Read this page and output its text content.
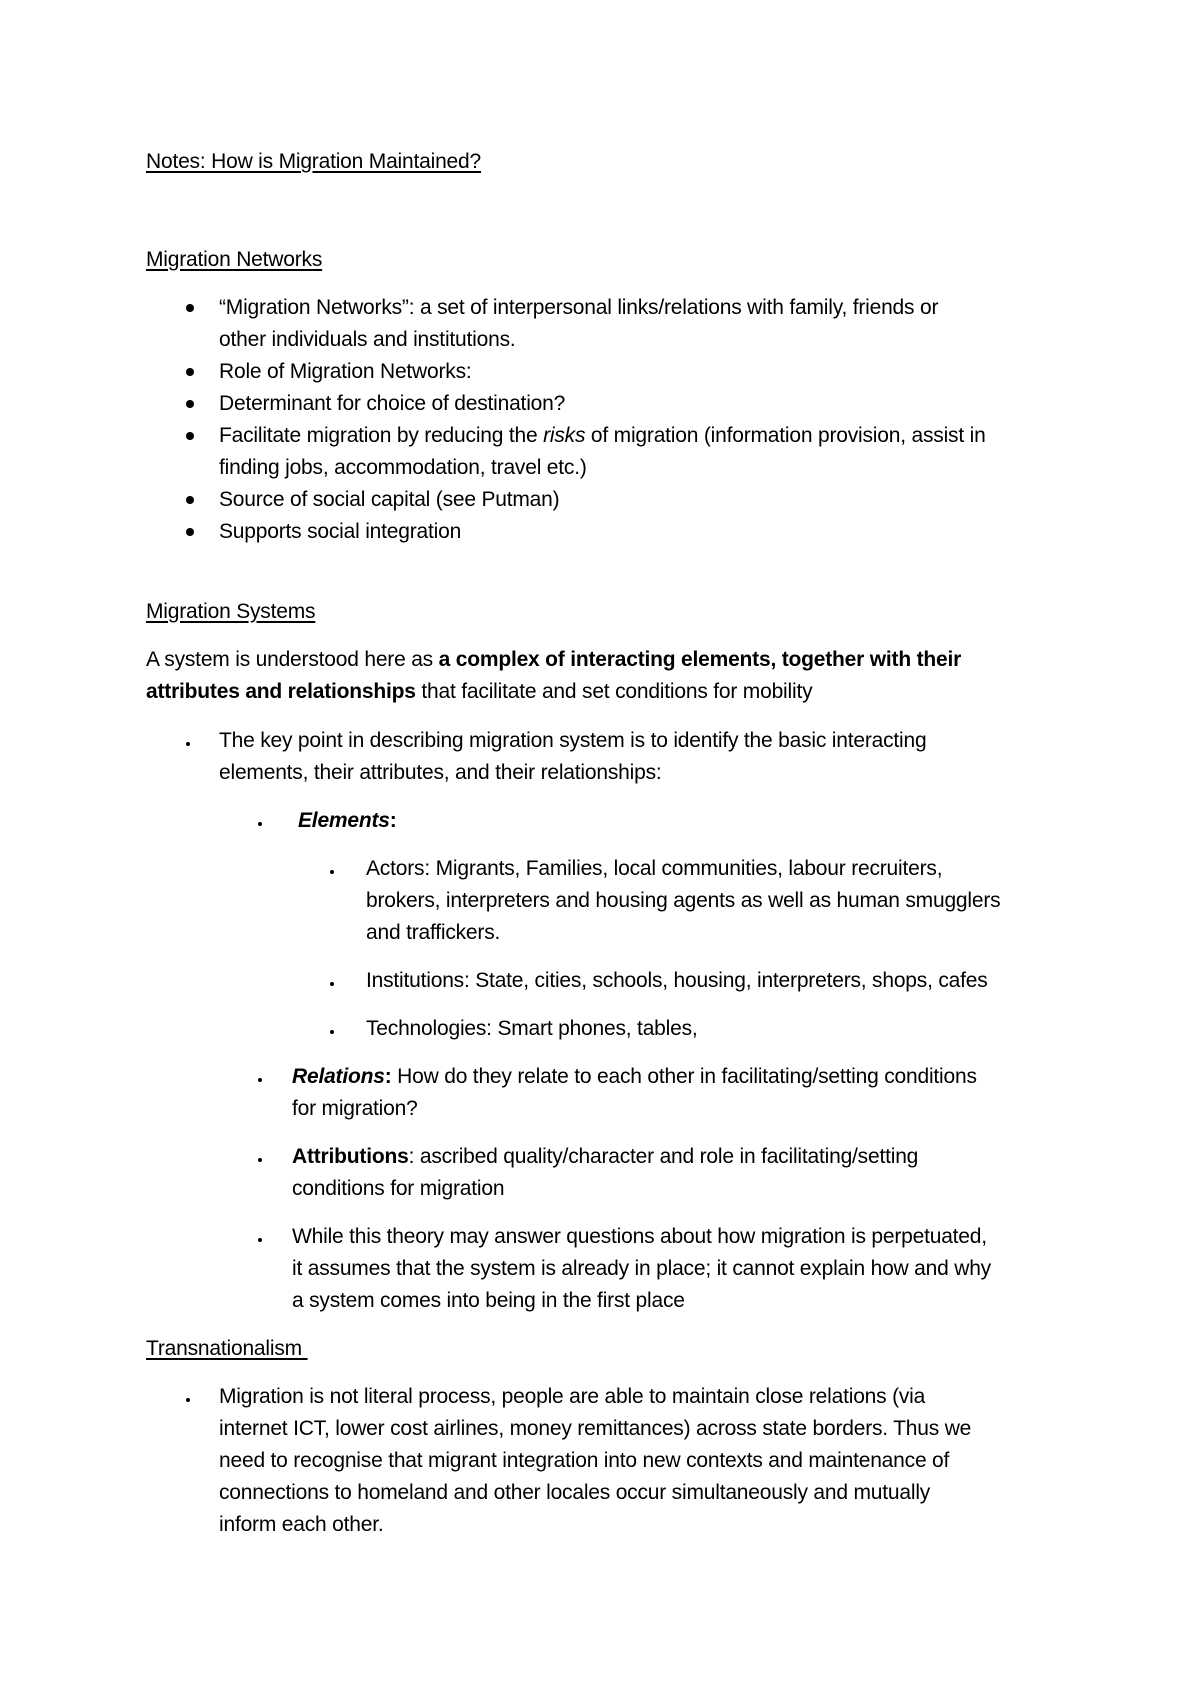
Notes: How is Migration Maintained?
Migration Networks
“Migration Networks”: a set of interpersonal links/relations with family, friends or
other individuals and institutions.
Role of Migration Networks:
Determinant for choice of destination?
Facilitate migration by reducing the risks of migration (information provision, assist in
finding jobs, accommodation, travel etc.)
Source of social capital (see Putman)
Supports social integration
Migration Systems
A system is understood here as a complex of interacting elements, together with their
attributes and relationships that facilitate and set conditions for mobility
The key point in describing migration system is to identify the basic interacting
elements, their attributes, and their relationships:
Elements:
Actors: Migrants, Families, local communities, labour recruiters,
brokers, interpreters and housing agents as well as human smugglers
and traffickers.
Institutions: State, cities, schools, housing, interpreters, shops, cafes
Technologies: Smart phones, tables,
Relations: How do they relate to each other in facilitating/setting conditions
for migration?
Attributions: ascribed quality/character and role in facilitating/setting
conditions for migration
While this theory may answer questions about how migration is perpetuated,
it assumes that the system is already in place; it cannot explain how and why
a system comes into being in the first place
Transnationalism
Migration is not literal process, people are able to maintain close relations (via
internet ICT, lower cost airlines, money remittances) across state borders. Thus we
need to recognise that migrant integration into new contexts and maintenance of
connections to homeland and other locales occur simultaneously and mutually
inform each other.
